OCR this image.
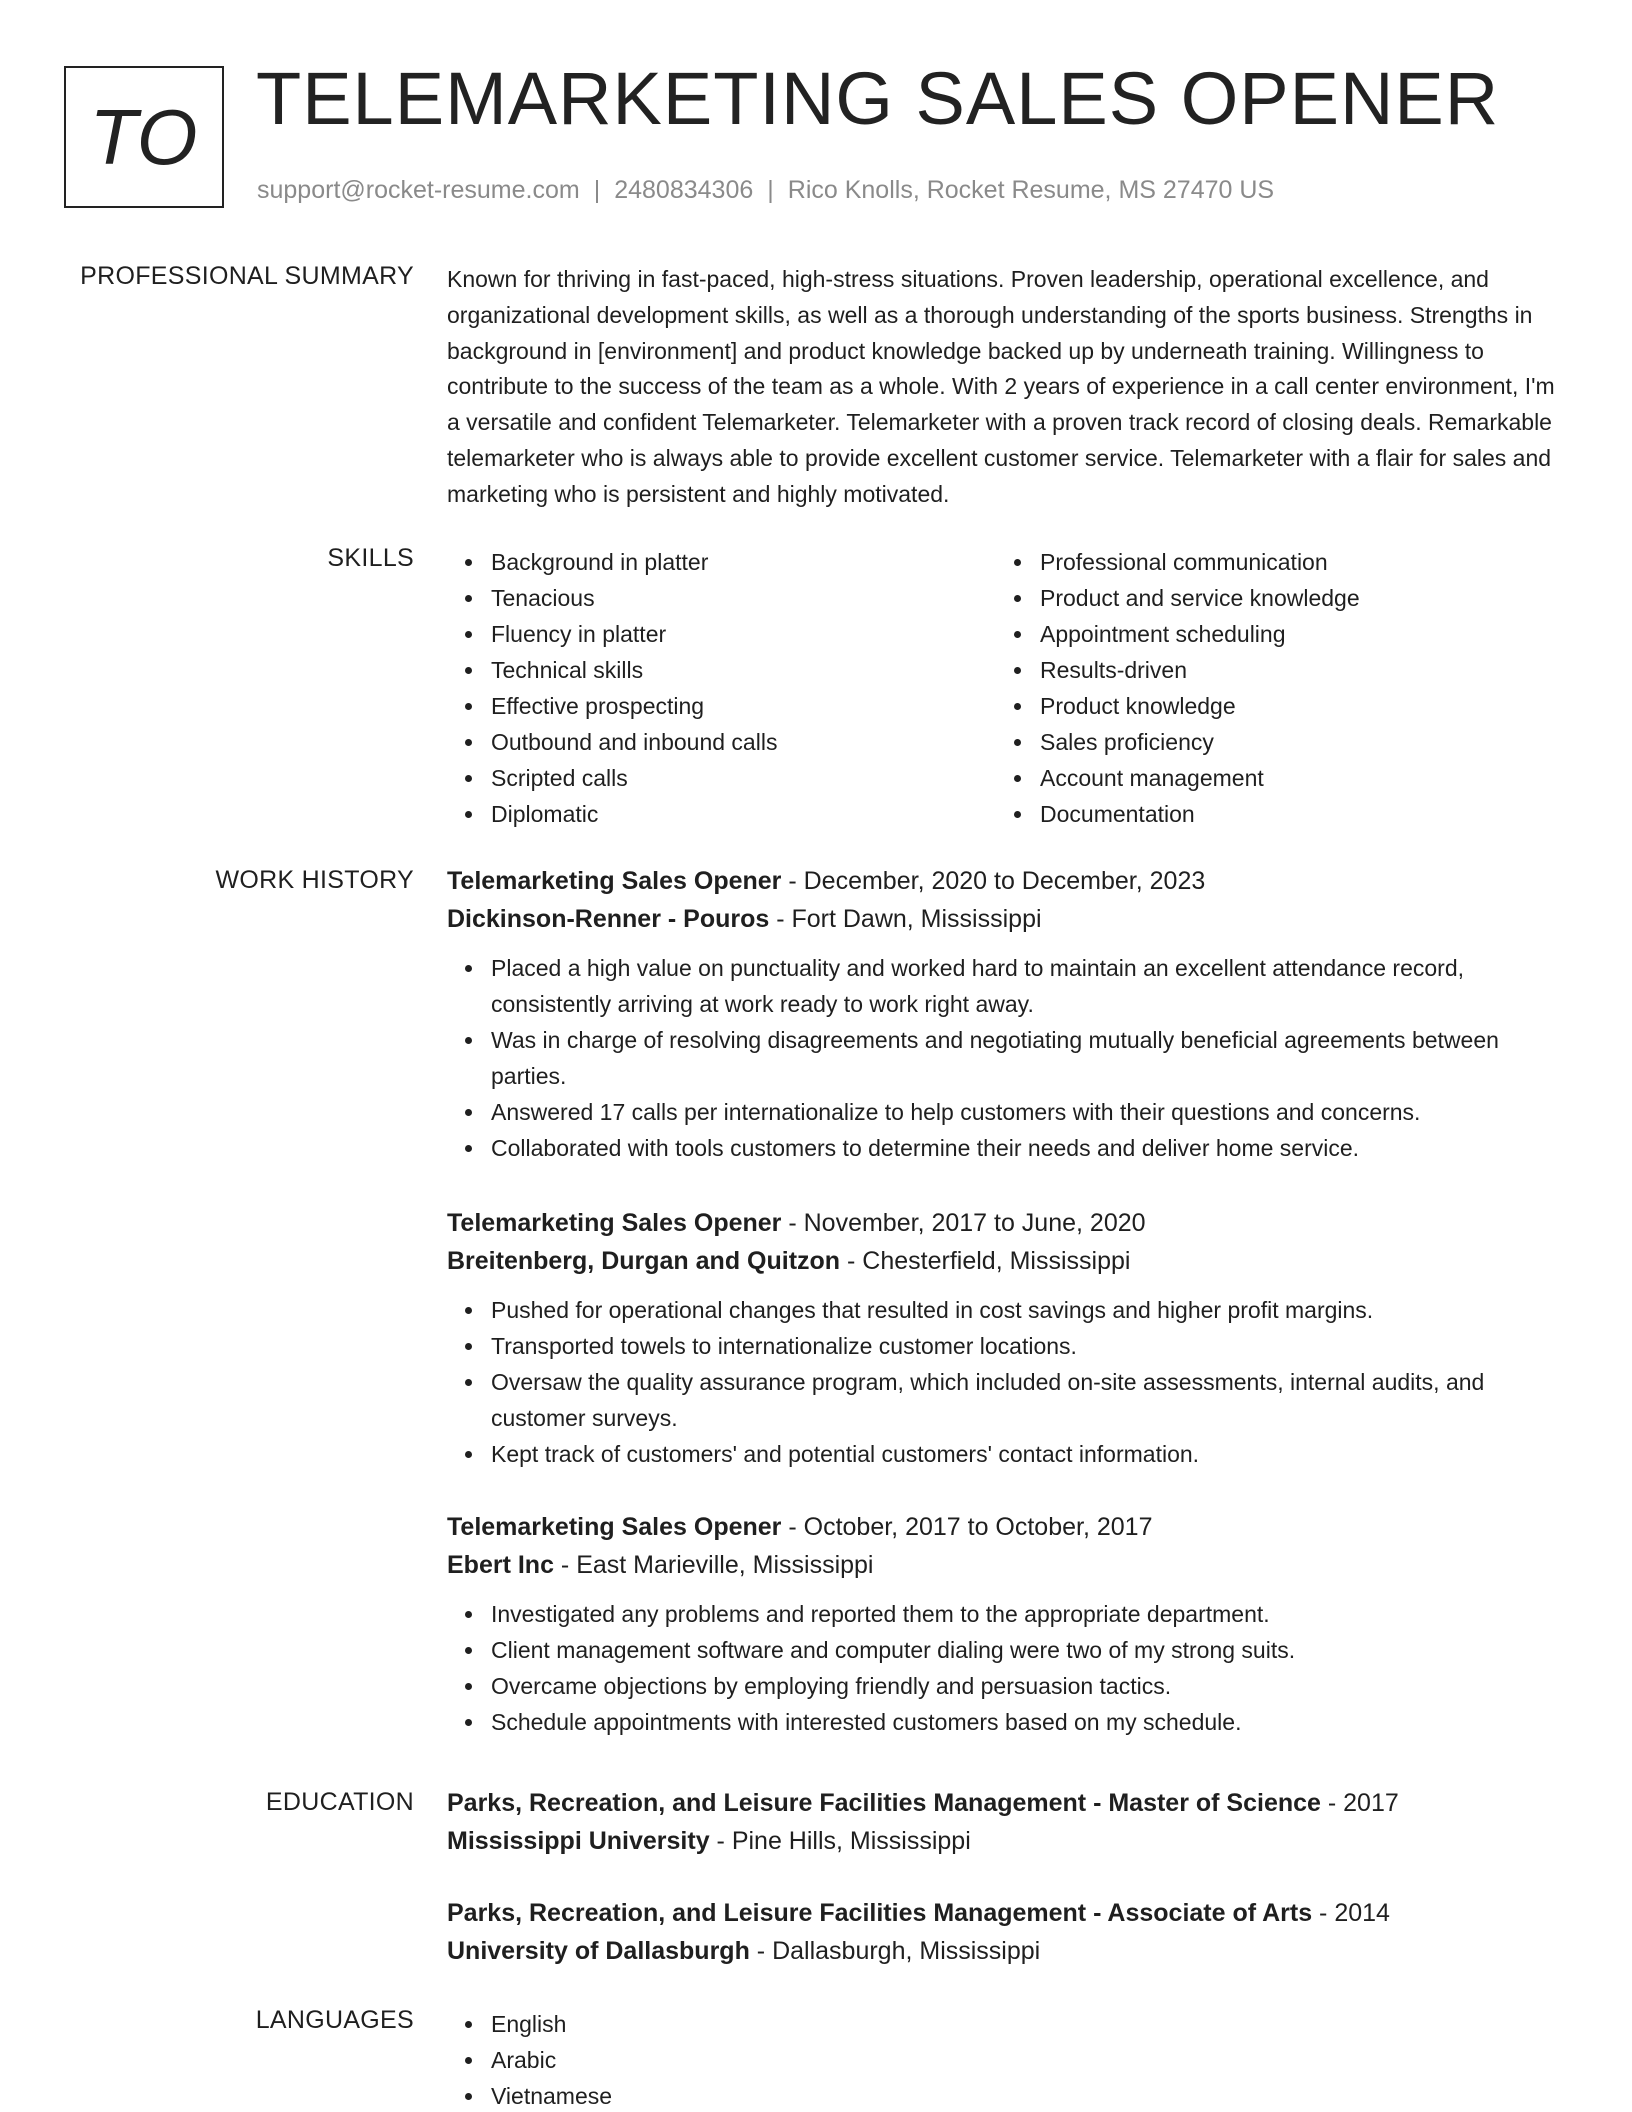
TO TELEMARKETING SALES OPENER
support@rocket-resume.com | 2480834306 | Rico Knolls, Rocket Resume, MS 27470 US
PROFESSIONAL SUMMARY Known for thriving in fast-paced, high-stress situations. Proven leadership, operational excellence, and organizational development skills, as well as a thorough understanding of the sports business. Strengths in background in [environment] and product knowledge backed up by underneath training. Willingness to contribute to the success of the team as a whole. With 2 years of experience in a call center environment, I'm a versatile and confident Telemarketer. Telemarketer with a proven track record of closing deals. Remarkable telemarketer who is always able to provide excellent customer service. Telemarketer with a flair for sales and marketing who is persistent and highly motivated.
SKILLS	Background in platter
Tenacious
Fluency in platter
Technical skills
Effective prospecting
Outbound and inbound calls
Scripted calls
Diplomatic
Professional communication
Product and service knowledge
Appointment scheduling
Results-driven
Product knowledge
Sales proficiency
Account management
Documentation
WORK HISTORY Telemarketing Sales Opener - December, 2020 to December, 2023
Dickinson-Renner - Pouros - Fort Dawn, Mississippi
Placed a high value on punctuality and worked hard to maintain an excellent attendance record, consistently arriving at work ready to work right away.
Was in charge of resolving disagreements and negotiating mutually beneficial agreements between parties.
Answered 17 calls per internationalize to help customers with their questions and concerns.
Collaborated with tools customers to determine their needs and deliver home service.
Telemarketing Sales Opener - November, 2017 to June, 2020
Breitenberg, Durgan and Quitzon - Chesterfield, Mississippi
Pushed for operational changes that resulted in cost savings and higher profit margins.
Transported towels to internationalize customer locations.
Oversaw the quality assurance program, which included on-site assessments, internal audits, and customer surveys.
Kept track of customers' and potential customers' contact information.
Telemarketing Sales Opener - October, 2017 to October, 2017
Ebert Inc - East Marieville, Mississippi
Investigated any problems and reported them to the appropriate department.
Client management software and computer dialing were two of my strong suits.
Overcame objections by employing friendly and persuasion tactics.
Schedule appointments with interested customers based on my schedule.
EDUCATION Parks, Recreation, and Leisure Facilities Management - Master of Science - 2017
Mississippi University - Pine Hills, Mississippi
Parks, Recreation, and Leisure Facilities Management - Associate of Arts - 2014
University of Dallasburgh - Dallasburgh, Mississippi
LANGUAGES	English
Arabic
Vietnamese
